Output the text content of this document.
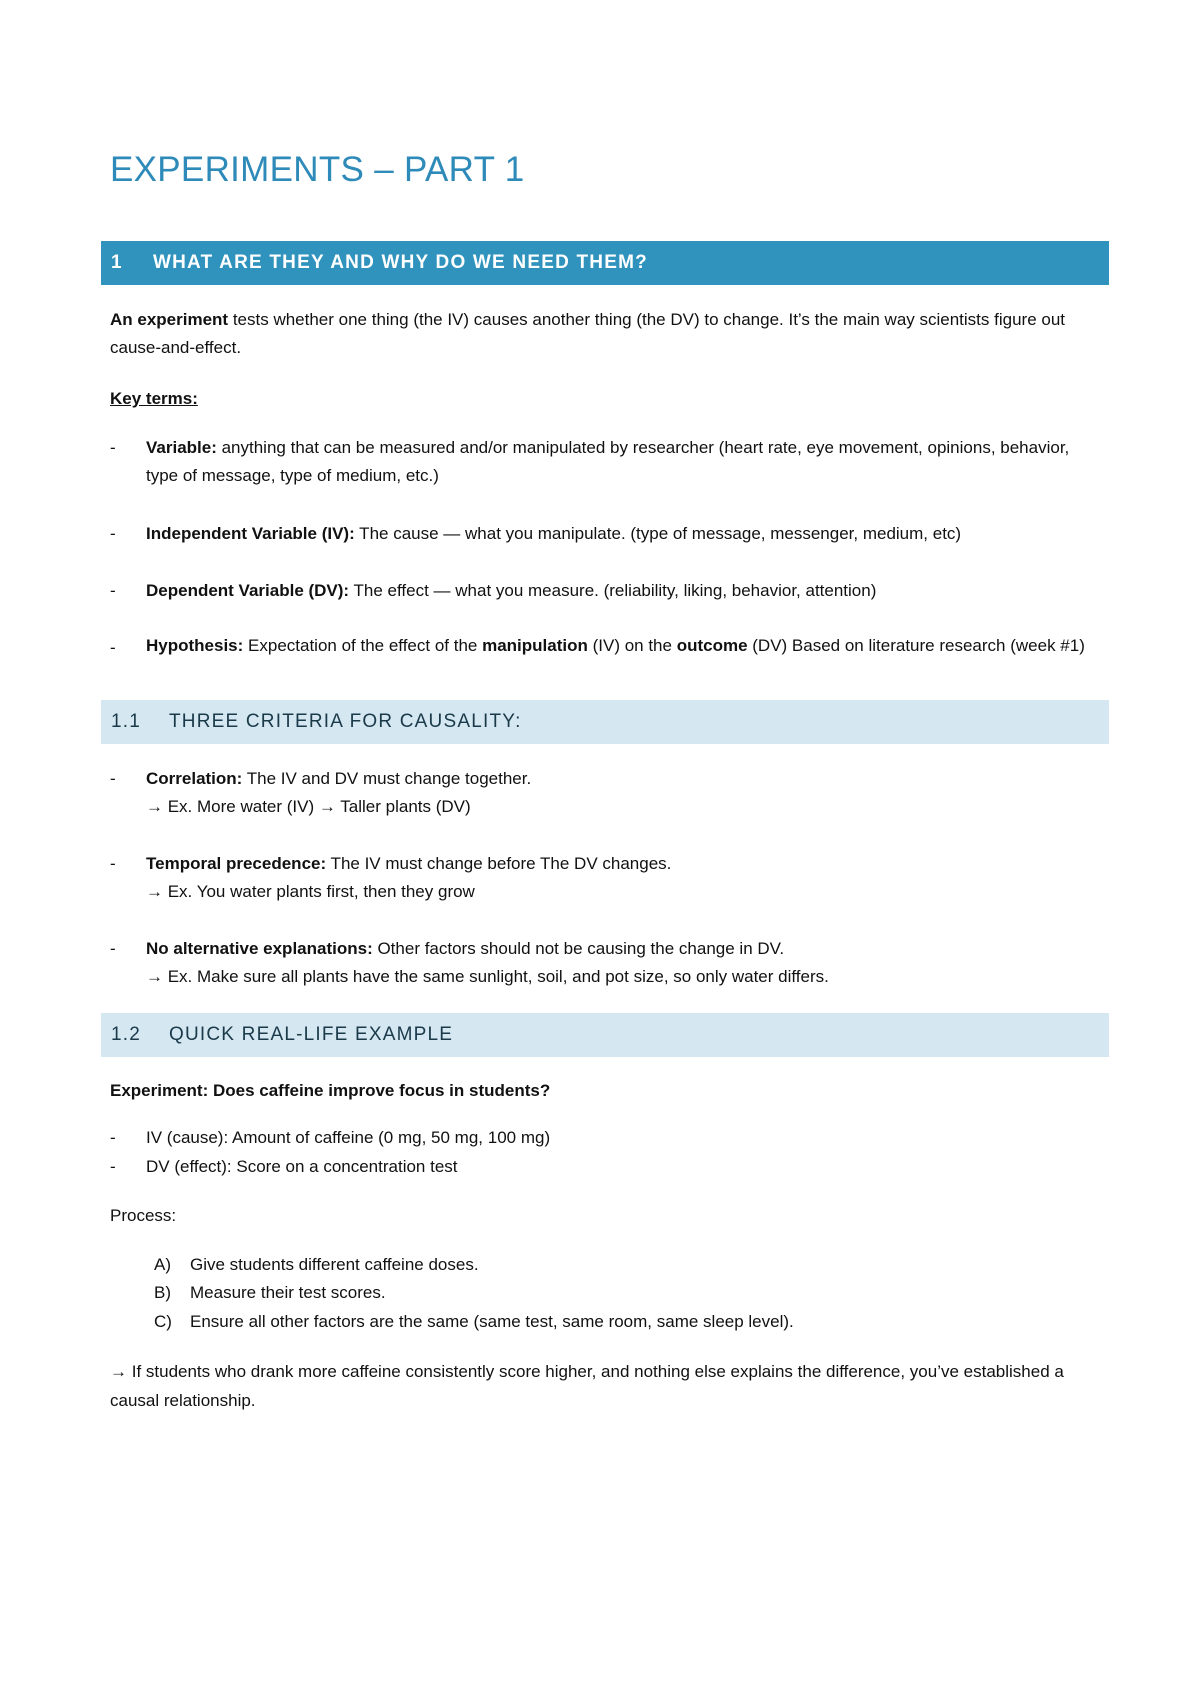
EXPERIMENTS – PART 1
1	WHAT ARE THEY AND WHY DO WE NEED THEM?

An experiment tests whether one thing (the IV) causes another thing (the DV) to change. It’s the main way scientists figure out cause-and-effect.

Key terms:

- Variable: anything that can be measured and/or manipulated by researcher (heart rate, eye movement, opinions, behavior, type of message, type of medium, etc.)
- Independent Variable (IV): The cause — what you manipulate. (type of message, messenger, medium, etc)
- Dependent Variable (DV): The effect — what you measure. (reliability, liking, behavior, attention)
- Hypothesis: Expectation of the effect of the manipulation (IV) on the outcome (DV) Based on literature research (week #1)
1.1	THREE CRITERIA FOR CAUSALITY:
- Correlation: The IV and DV must change together.
→ Ex. More water (IV) → Taller plants (DV)
- Temporal precedence: The IV must change before The DV changes.
→ Ex. You water plants first, then they grow
- No alternative explanations: Other factors should not be causing the change in DV.
→ Ex. Make sure all plants have the same sunlight, soil, and pot size, so only water differs.
1.2	QUICK REAL-LIFE EXAMPLE

Experiment: Does caffeine improve focus in students?

- IV (cause): Amount of caffeine (0 mg, 50 mg, 100 mg)
- DV (effect): Score on a concentration test

Process:

A) Give students different caffeine doses.
B) Measure their test scores.
C) Ensure all other factors are the same (same test, same room, same sleep level).

→ If students who drank more caffeine consistently score higher, and nothing else explains the difference, you’ve established a causal relationship.
